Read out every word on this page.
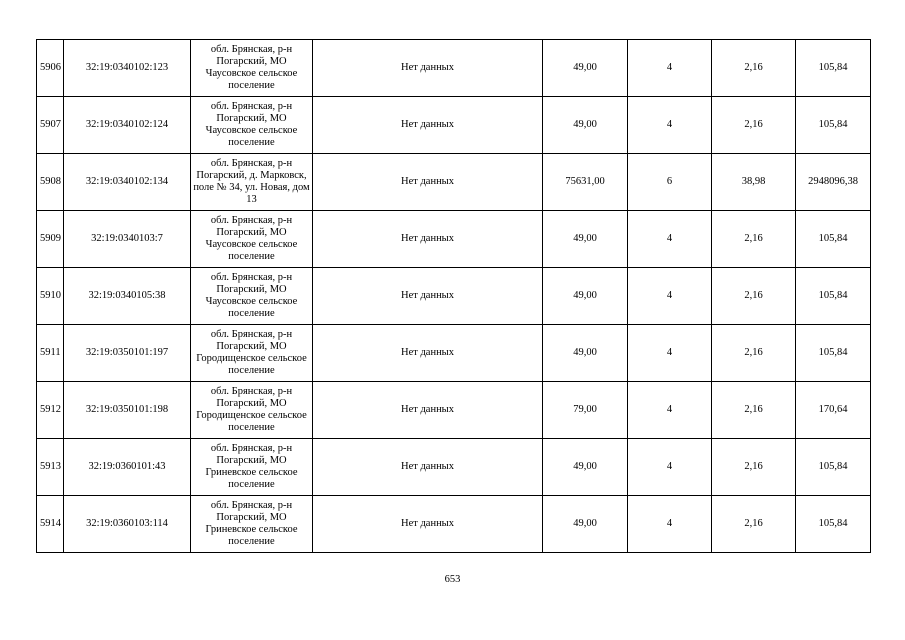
5906	32:19:0340102:123	обл. Брянская, р-н Погарский, МО Чаусовское сельское поселение	Нет данных	49,00	4	2,16	105,84
5907	32:19:0340102:124	обл. Брянская, р-н Погарский, МО Чаусовское сельское поселение	Нет данных	49,00	4	2,16	105,84
5908	32:19:0340102:134	обл. Брянская, р-н Погарский, д. Марковск, поле № 34, ул. Новая, дом 13	Нет данных	75631,00	6	38,98	2948096,38
5909	32:19:0340103:7	обл. Брянская, р-н Погарский, МО Чаусовское сельское поселение	Нет данных	49,00	4	2,16	105,84
5910	32:19:0340105:38	обл. Брянская, р-н Погарский, МО Чаусовское сельское поселение	Нет данных	49,00	4	2,16	105,84
5911	32:19:0350101:197	обл. Брянская, р-н Погарский, МО Городищенское сельское поселение	Нет данных	49,00	4	2,16	105,84
5912	32:19:0350101:198	обл. Брянская, р-н Погарский, МО Городищенское сельское поселение	Нет данных	79,00	4	2,16	170,64
5913	32:19:0360101:43	обл. Брянская, р-н Погарский, МО Гриневское сельское поселение	Нет данных	49,00	4	2,16	105,84
5914	32:19:0360103:114	обл. Брянская, р-н Погарский, МО Гриневское сельское поселение	Нет данных	49,00	4	2,16	105,84
653
